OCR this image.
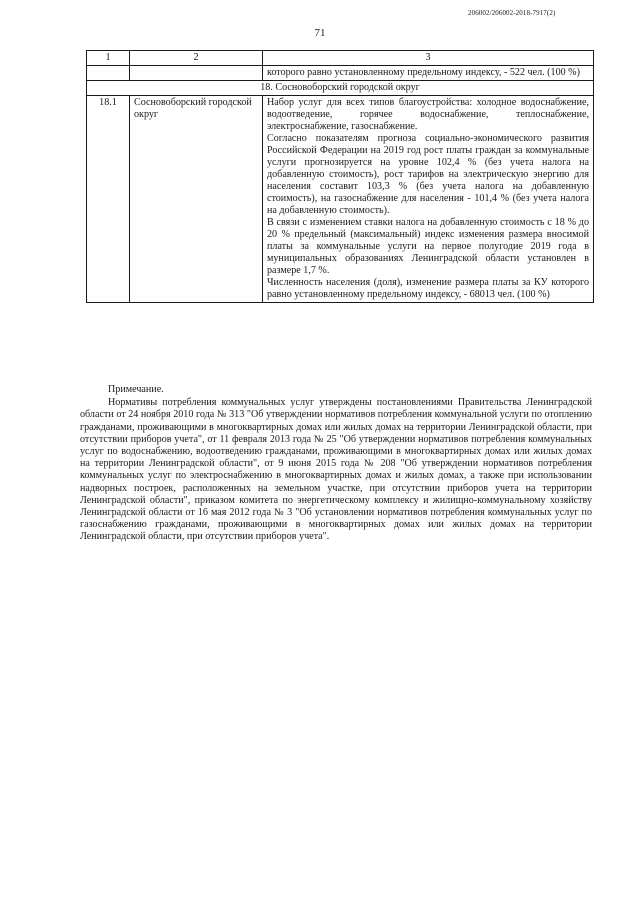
206002/206002-2018-7917(2)
71
1	2	3
		которого равно установленному предельному индексу, - 522 чел. (100 %)
18. Сосновоборский городской округ		
18.1	Сосновоборский городской округ	Набор услуг для всех типов благоустройства: холодное водоснабжение, водоотведение, горячее водоснабжение, теплоснабжение, электроснабжение, газоснабжение.

Согласно показателям прогноза социально-экономического развития Российской Федерации на 2019 год рост платы граждан за коммунальные услуги прогнозируется на уровне 102,4 % (без учета налога на добавленную стоимость), рост тарифов на электрическую энергию для населения составит 103,3 % (без учета налога на добавленную стоимость), на газоснабжение для населения - 101,4 % (без учета налога на добавленную стоимость).

В связи с изменением ставки налога на добавленную стоимость с 18 % до 20 % предельный (максимальный) индекс изменения размера вносимой платы за коммунальные услуги на первое полугодие 2019 года в муниципальных образованиях Ленинградской области установлен в размере 1,7 %.

Численность населения (доля), изменение размера платы за КУ которого равно установленному предельному индексу, - 68013 чел. (100 %)

Примечание.

Нормативы потребления коммунальных услуг утверждены постановлениями Правительства Ленинградской области от 24 ноября 2010 года № 313 "Об утверждении нормативов потребления коммунальной услуги по отоплению гражданами, проживающими в многоквартирных домах или жилых домах на территории Ленинградской области, при отсутствии приборов учета", от 11 февраля 2013 года № 25 "Об утверждении нормативов потребления коммунальных услуг по водоснабжению, водоотведению гражданами, проживающими в многоквартирных домах или жилых домах на территории Ленинградской области", от 9 июня 2015 года № 208 "Об утверждении нормативов потребления коммунальных услуг по электроснабжению в многоквартирных домах и жилых домах, а также при использовании надворных построек, расположенных на земельном участке, при отсутствии приборов учета на территории Ленинградской области", приказом комитета по энергетическому комплексу и жилищно-коммунальному хозяйству Ленинградской области от 16 мая 2012 года № 3 "Об установлении нормативов потребления коммунальных услуг по газоснабжению гражданами, проживающими в многоквартирных домах или жилых домах на территории Ленинградской области, при отсутствии приборов учета".
